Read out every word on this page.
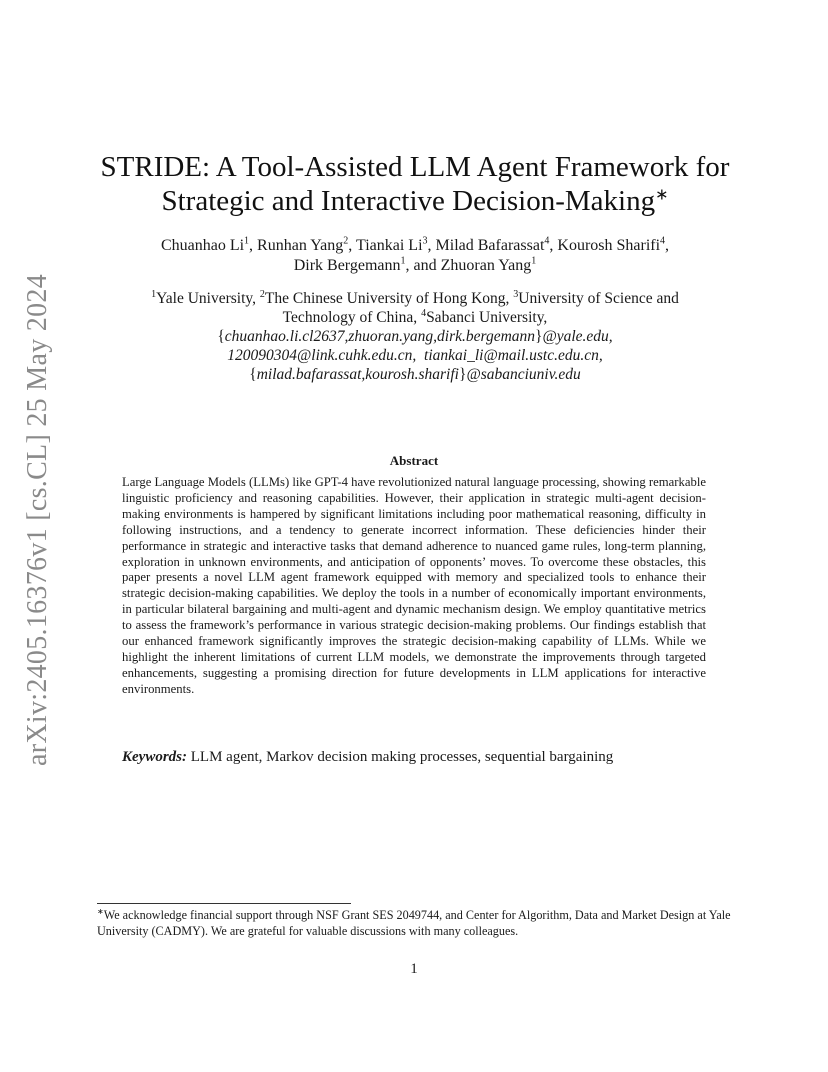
arXiv:2405.16376v1 [cs.CL] 25 May 2024
STRIDE: A Tool-Assisted LLM Agent Framework for
Strategic and Interactive Decision-Making∗
Chuanhao Li$^1$, Runhan Yang$^2$, Tiankai Li$^3$, Milad Bafarassat$^4$, Kourosh Sharifi$^4$,
Dirk Bergemann$^1$, and Zhuoran Yang$^1$
$^1$Yale University, $^2$The Chinese University of Hong Kong, $^3$University of Science and
Technology of China, $^4$Sabanci University,
{chuanhao.li.cl2637,zhuoran.yang,dirk.bergemann}@yale.edu,
120090304@link.cuhk.edu.cn, tiankai_li@mail.ustc.edu.cn,
{milad.bafarassat,kourosh.sharifi}@sabanciuniv.edu
Abstract
Large Language Models (LLMs) like GPT-4 have revolutionized natural language processing, showing remarkable linguistic proficiency and reasoning capabilities. However, their application in strategic multi-agent decision-making environments is hampered by significant limitations including poor mathematical reasoning, difficulty in following instructions, and a tendency to generate incorrect information. These deficiencies hinder their performance in strategic and interactive tasks that demand adherence to nuanced game rules, long-term planning, exploration in unknown environments, and anticipation of opponents’ moves. To overcome these obstacles, this paper presents a novel LLM agent framework equipped with memory and specialized tools to enhance their strategic decision-making capabilities. We deploy the tools in a number of economically important environments, in particular bilateral bargaining and multi-agent and dynamic mechanism design. We employ quantitative metrics to assess the framework’s performance in various strategic decision-making problems. Our findings establish that our enhanced framework significantly improves the strategic decision-making capability of LLMs. While we highlight the inherent limitations of current LLM models, we demonstrate the improvements through targeted enhancements, suggesting a promising direction for future developments in LLM applications for interactive environments.
Keywords: LLM agent, Markov decision making processes, sequential bargaining
∗We acknowledge financial support through NSF Grant SES 2049744, and Center for Algorithm, Data and Market Design at Yale University (CADMY). We are grateful for valuable discussions with many colleagues.
1
